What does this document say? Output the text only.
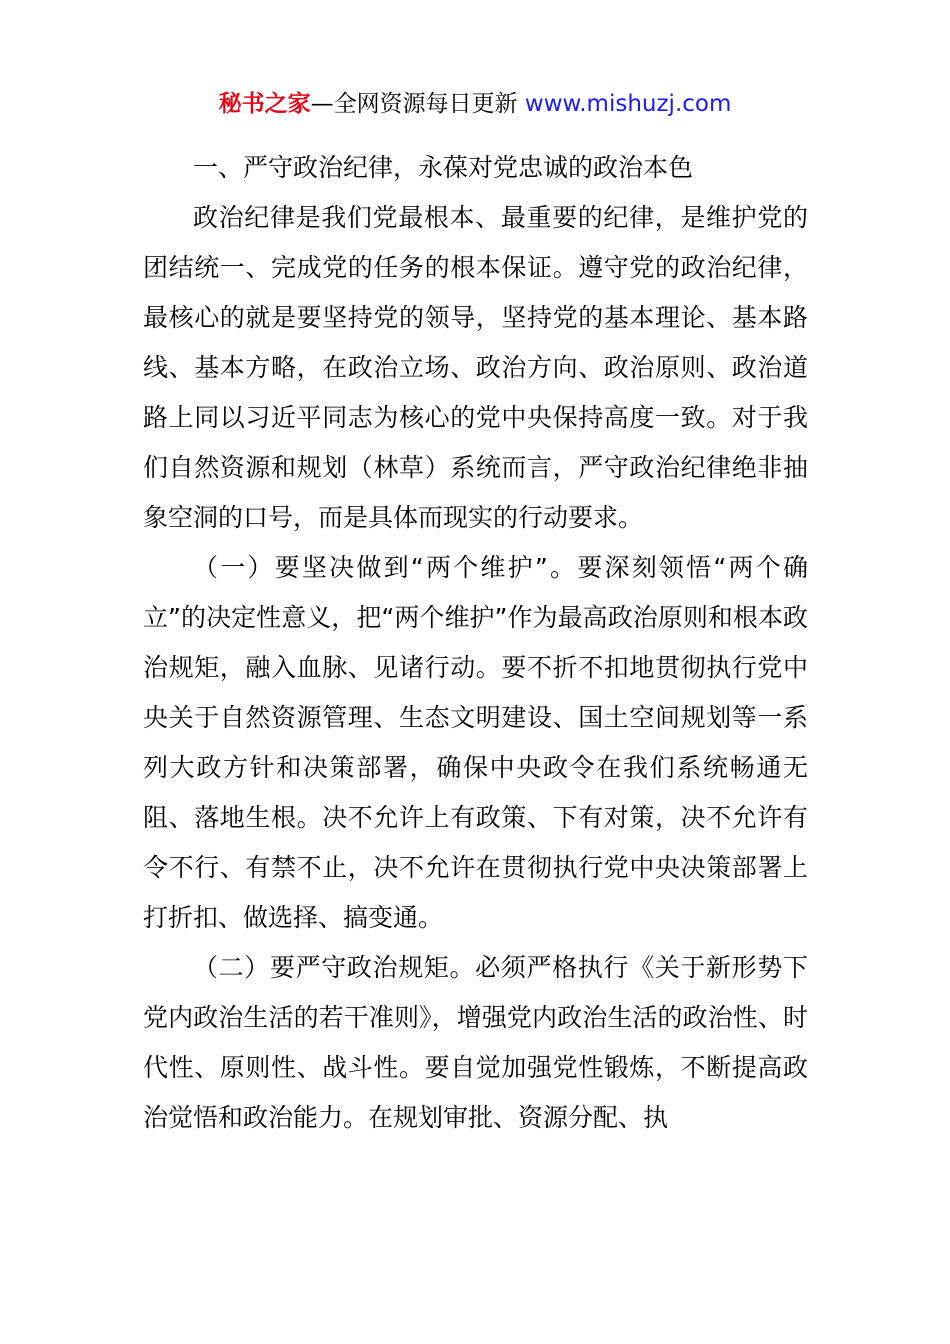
秘书之家—全网资源每日更新 www.mishuzj.com

一、严守政治纪律，永葆对党忠诚的政治本色

政治纪律是我们党最根本、最重要的纪律，是维护党的团结统一、完成党的任务的根本保证。遵守党的政治纪律，最核心的就是要坚持党的领导，坚持党的基本理论、基本路线、基本方略，在政治立场、政治方向、政治原则、政治道路上同以习近平同志为核心的党中央保持高度一致。对于我们自然资源和规划（林草）系统而言，严守政治纪律绝非抽象空洞的口号，而是具体而现实的行动要求。

（一）要坚决做到“两个维护”。要深刻领悟“两个确立”的决定性意义，把“两个维护”作为最高政治原则和根本政治规矩，融入血脉、见诸行动。要不折不扣地贯彻执行党中央关于自然资源管理、生态文明建设、国土空间规划等一系列大政方针和决策部署，确保中央政令在我们系统畅通无阻、落地生根。决不允许上有政策、下有对策，决不允许有令不行、有禁不止，决不允许在贯彻执行党中央决策部署上打折扣、做选择、搞变通。

（二）要严守政治规矩。必须严格执行《关于新形势下党内政治生活的若干准则》，增强党内政治生活的政治性、时代性、原则性、战斗性。要自觉加强党性锻炼，不断提高政治觉悟和政治能力。在规划审批、资源分配、执
